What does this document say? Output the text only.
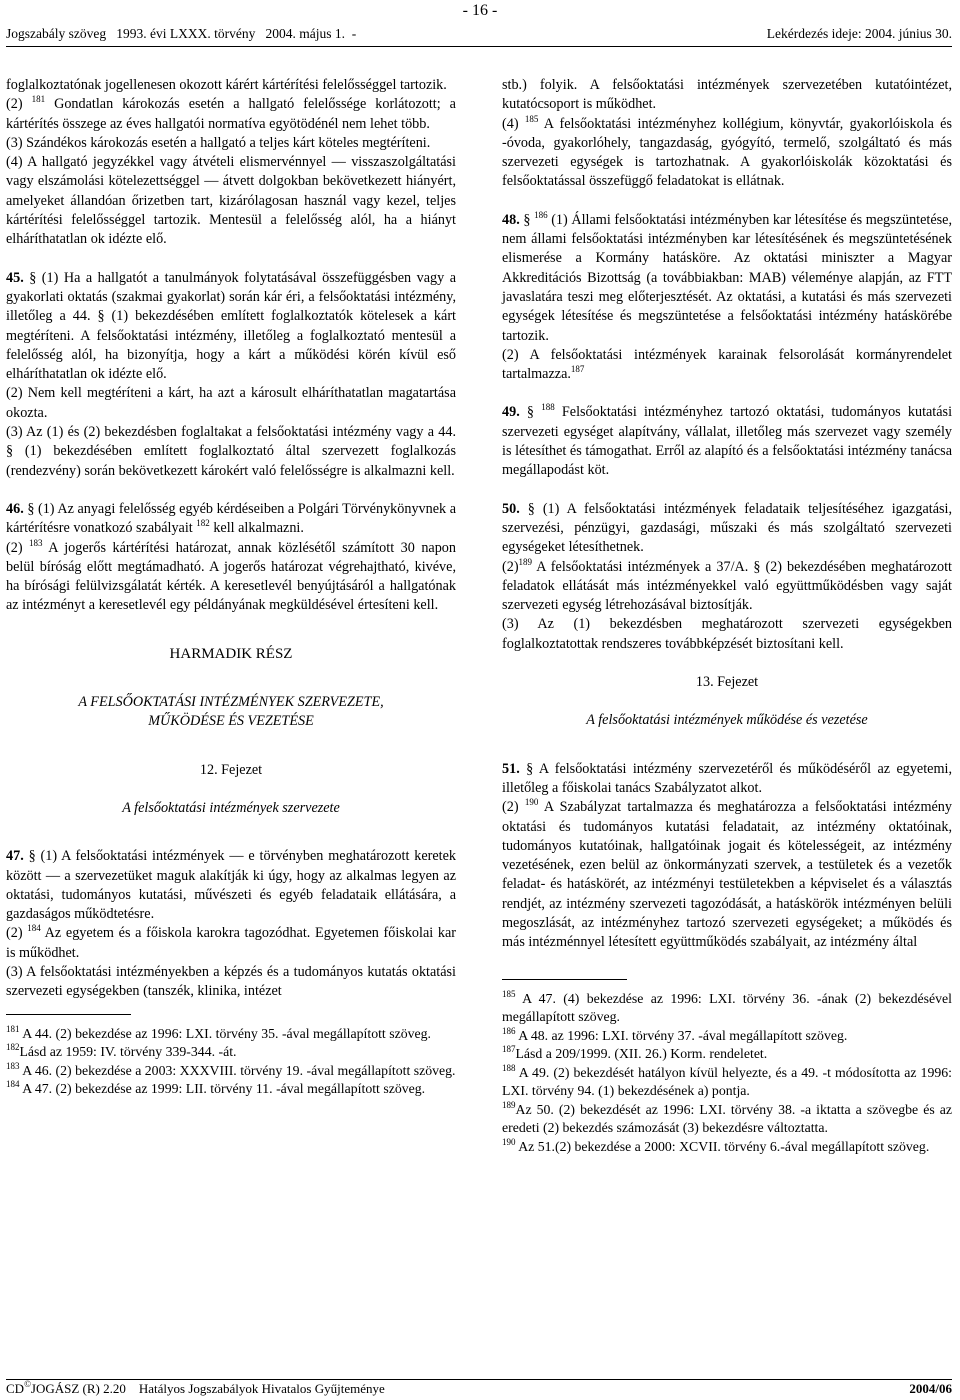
- 16 -
Jogszabály szöveg   1993. évi LXXX. törvény   2004. május 1.  -	Lekérdezés ideje: 2004. június 30.

foglalkoztatónak jogellenesen okozott kárért kártérítési felelősséggel tartozik.

(2) $^{181}$ Gondatlan károkozás esetén a hallgató felelőssége korlátozott; a kártérítés összege az éves hallgatói normatíva egyötödénél nem lehet több.

(3) Szándékos károkozás esetén a hallgató a teljes kárt köteles megtéríteni.

(4) A hallgató jegyzékkel vagy átvételi elismervénnyel — visszaszolgáltatási vagy elszámolási kötelezettséggel — átvett dolgokban bekövetkezett hiányért, amelyeket állandóan őrizetben tart, kizárólagosan használ vagy kezel, teljes kártérítési felelősséggel tartozik. Mentesül a felelősség alól, ha a hiányt elháríthatatlan ok idézte elő.

45. § (1) Ha a hallgatót a tanulmányok folytatásával összefüggésben vagy a gyakorlati oktatás (szakmai gyakorlat) során kár éri, a felsőoktatási intézmény, illetőleg a 44. § (1) bekezdésében említett foglalkoztatók kötelesek a kárt megtéríteni. A felsőoktatási intézmény, illetőleg a foglalkoztató mentesül a felelősség alól, ha bizonyítja, hogy a kárt a működési körén kívül eső elháríthatatlan ok idézte elő.

(2) Nem kell megtéríteni a kárt, ha azt a károsult elháríthatatlan magatartása okozta.

(3) Az (1) és (2) bekezdésben foglaltakat a felsőoktatási intézmény vagy a 44. § (1) bekezdésében említett foglalkoztató által szervezett foglalkozás (rendezvény) során bekövetkezett károkért való felelősségre is alkalmazni kell.

46. § (1) Az anyagi felelősség egyéb kérdéseiben a Polgári Törvénykönyvnek a kártérítésre vonatkozó szabályait $^{182}$ kell alkalmazni.

(2) $^{183}$ A jogerős kártérítési határozat, annak közlésétől számított 30 napon belül bíróság előtt megtámadható. A jogerős határozat végrehajtható, kivéve, ha bírósági felülvizsgálatát kérték. A keresetlevél benyújtásáról a hallgatónak az intézményt a keresetlevél egy példányának megküldésével értesíteni kell.

HARMADIK RÉSZ

A FELSŐOKTATÁSI INTÉZMÉNYEK SZERVEZETE, MŰKÖDÉSE ÉS VEZETÉSE

12. Fejezet

A felsőoktatási intézmények szervezete

47. § (1) A felsőoktatási intézmények — e törvényben meghatározott keretek között — a szervezetüket maguk alakítják ki úgy, hogy az alkalmas legyen az oktatási, tudományos kutatási, művészeti és egyéb feladataik ellátására, a gazdaságos működtetésre.

(2) $^{184}$ Az egyetem és a főiskola karokra tagozódhat. Egyetemen főiskolai kar is működhet.

(3) A felsőoktatási intézményekben a képzés és a tudományos kutatás oktatási szervezeti egységekben (tanszék, klinika, intézet

$^{181}$ A 44. (2) bekezdése az 1996: LXI. törvény 35. -ával megállapított szöveg.

$^{182}$Lásd az 1959: IV. törvény 339-344. -át.

$^{183}$ A 46. (2) bekezdése a 2003: XXXVIII. törvény 19. -ával megállapított szöveg.

$^{184}$ A 47. (2) bekezdése az 1999: LII. törvény 11. -ával megállapított szöveg.

stb.) folyik. A felsőoktatási intézmények szervezetében kutatóintézet, kutatócsoport is működhet.

(4) $^{185}$ A felsőoktatási intézményhez kollégium, könyvtár, gyakorlóiskola és -óvoda, gyakorlóhely, tangazdaság, gyógyító, termelő, szolgáltató és más szervezeti egységek is tartozhatnak. A gyakorlóiskolák közoktatási és felsőoktatással összefüggő feladatokat is ellátnak.

48. § $^{186}$ (1) Állami felsőoktatási intézményben kar létesítése és megszüntetése, nem állami felsőoktatási intézményben kar létesítésének és megszüntetésének elismerése a Kormány hatásköre. Az oktatási miniszter a Magyar Akkreditációs Bizottság (a továbbiakban: MAB) véleménye alapján, az FTT javaslatára teszi meg előterjesztését. Az oktatási, a kutatási és más szervezeti egységek létesítése és megszüntetése a felsőoktatási intézmény hatáskörébe tartozik.

(2) A felsőoktatási intézmények karainak felsorolását kormányrendelet tartalmazza.$^{187}$

49. § $^{188}$ Felsőoktatási intézményhez tartozó oktatási, tudományos kutatási szervezeti egységet alapítvány, vállalat, illetőleg más szervezet vagy személy is létesíthet és támogathat. Erről az alapító és a felsőoktatási intézmény tanácsa megállapodást köt.

50. § (1) A felsőoktatási intézmények feladataik teljesítéséhez igazgatási, szervezési, pénzügyi, gazdasági, műszaki és más szolgáltató szervezeti egységeket létesíthetnek.

$(2)^{189}$ A felsőoktatási intézmények a 37/A. § (2) bekezdésében meghatározott feladatok ellátását más intézményekkel való együttműködésben vagy saját szervezeti egység létrehozásával biztosítják.

(3) Az (1) bekezdésben meghatározott szervezeti egységekben foglalkoztatottak rendszeres továbbképzését biztosítani kell.

13. Fejezet

A felsőoktatási intézmények működése és vezetése

51. § A felsőoktatási intézmény szervezetéről és működéséről az egyetemi, illetőleg a főiskolai tanács Szabályzatot alkot.

(2) $^{190}$ A Szabályzat tartalmazza és meghatározza a felsőoktatási intézmény oktatási és tudományos kutatási feladatait, az intézmény oktatóinak, tudományos kutatóinak, hallgatóinak jogait és kötelességeit, az intézmény vezetésének, ezen belül az önkormányzati szervek, a testületek és a vezetők feladat- és hatáskörét, az intézményi testületekben a képviselet és a választás rendjét, az intézmény szervezeti tagozódását, a hatáskörök intézményen belüli megoszlását, az intézményhez tartozó szervezeti egységeket; a működés és más intézménnyel létesített együttműködés szabályait, az intézmény által

$^{185}$ A 47. (4) bekezdése az 1996: LXI. törvény 36. -ának (2) bekezdésével megállapított szöveg.

$^{186}$ A 48. az 1996: LXI. törvény 37. -ával megállapított szöveg.

$^{187}$Lásd a 209/1999. (XII. 26.) Korm. rendeletet.

$^{188}$ A 49. (2) bekezdését hatályon kívül helyezte, és a 49. -t módosította az 1996: LXI. törvény 94. (1) bekezdésének a) pontja.

$^{189}$Az 50. (2) bekezdését az 1996: LXI. törvény 38. -a iktatta a szövegbe és az eredeti (2) bekezdés számozását (3) bekezdésre változtatta.

$^{190}$ Az 51.(2) bekezdése a 2000: XCVII. törvény 6.-ával megállapított szöveg.

CD©JOGÁSZ (R) 2.20    Hatályos Jogszabályok Hivatalos Gyűjteménye	2004/06
